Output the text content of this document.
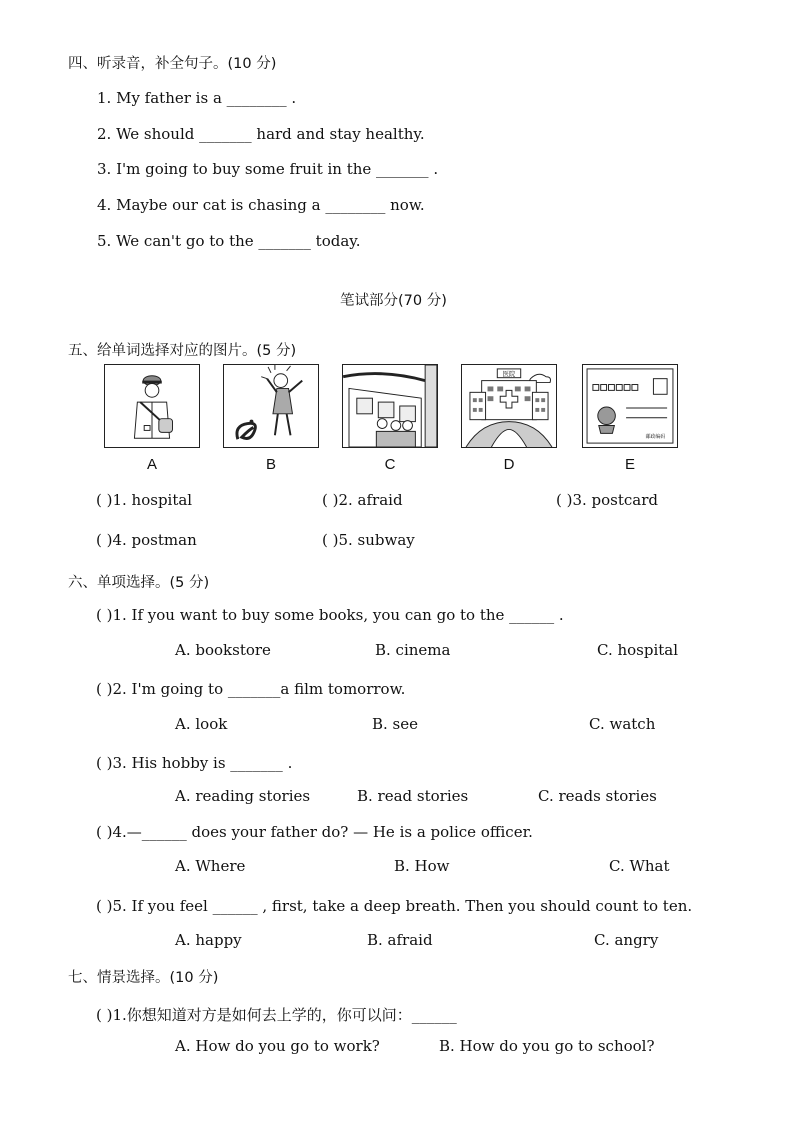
四、听录音，补全句子。(10 分)
1. My father is a ________ .
2. We should _______ hard and stay healthy.
3. I'm going to buy some fruit in the _______ .
4. Maybe our cat is chasing a ________ now.
5. We can't go to the _______ today.
笔试部分(70 分)
五、给单词选择对应的图片。(5 分)
A	B	C
医院
D
邮政编码
E
( )1. hospital	( )2. afraid	( )3. postcard
( )4. postman	( )5. subway
六、单项选择。(5 分)
( )1. If you want to buy some books, you can go to the ______ .
A. bookstore	B. cinema	C. hospital
( )2. I'm going to _______a film tomorrow.
A. look	B. see	C. watch
( )3. His hobby is _______ .
A. reading stories	B. read stories	C. reads stories
( )4.—______ does your father do? — He is a police officer.
A. Where	B. How	C. What
( )5. If you feel ______ , first, take a deep breath. Then you should count to ten.
A. happy	B. afraid	C. angry
七、情景选择。(10 分)
( )1.你想知道对方是如何去上学的，你可以问：______
A. How do you go to work?	B. How do you go to school?
